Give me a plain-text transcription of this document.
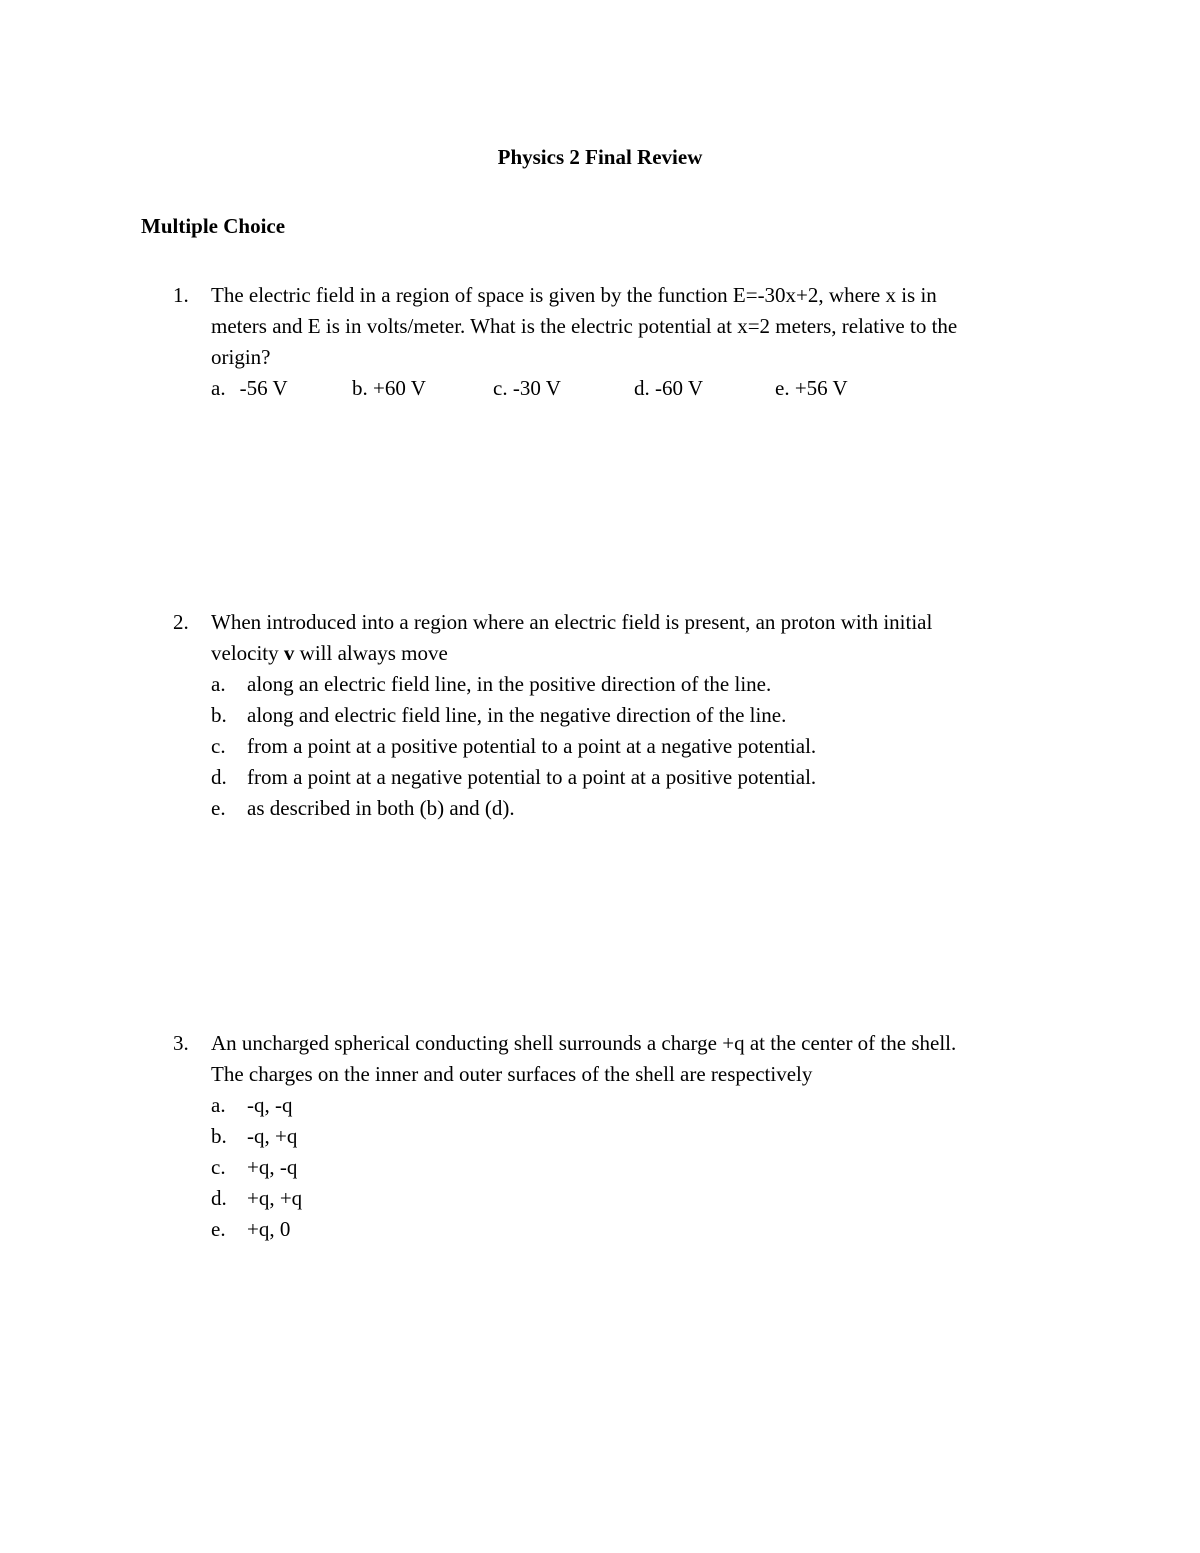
Physics 2 Final Review
Multiple Choice
1. The electric field in a region of space is given by the function E=-30x+2, where x is in
meters and E is in volts/meter. What is the electric potential at x=2 meters, relative to the
origin?
a. -56 V	b. +60 V	c. -30 V	d. -60 V	e. +56 V
2. When introduced into a region where an electric field is present, an proton with initial
velocity v will always move
a.	along an electric field line, in the positive direction of the line.
b. along and electric field line, in the negative direction of the line.
c.	from a point at a positive potential to a point at a negative potential.
d. from a point at a negative potential to a point at a positive potential.
e.	as described in both (b) and (d).
3. An uncharged spherical conducting shell surrounds a charge +q at the center of the shell.
The charges on the inner and outer surfaces of the shell are respectively
a.	-q, -q
b. -q, +q
c.	+q, -q
d. +q, +q
e.	+q, 0
